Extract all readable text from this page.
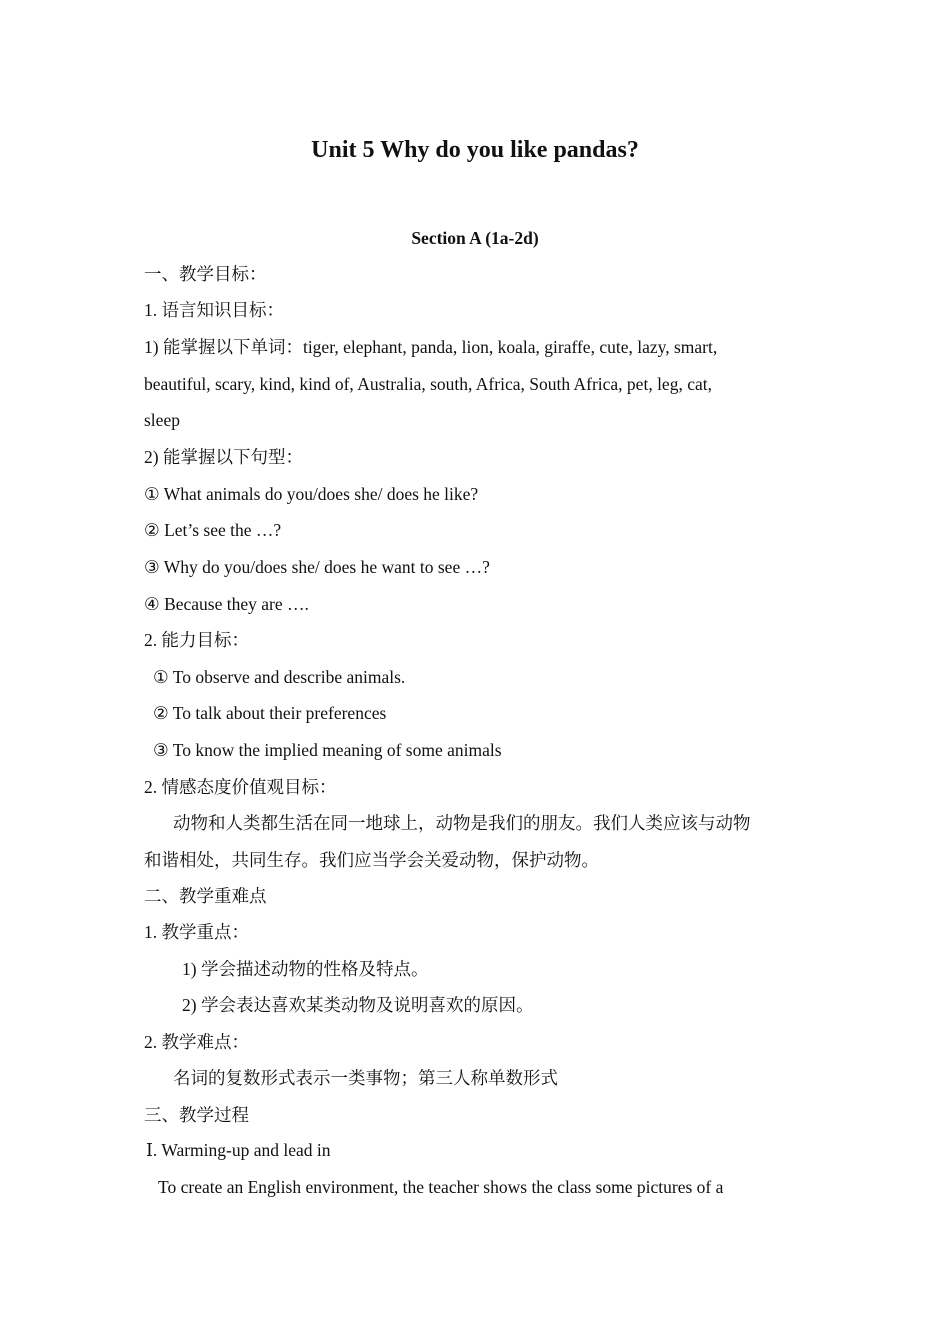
Unit 5 Why do you like pandas?
Section A (1a-2d)
一、教学目标：
1. 语言知识目标：
1) 能掌握以下单词：tiger, elephant, panda, lion, koala, giraffe, cute, lazy, smart,
beautiful, scary, kind, kind of, Australia, south, Africa, South Africa, pet, leg, cat,
sleep
2) 能掌握以下句型：
① What animals do you/does she/ does he like?
② Let’s see the …?
③ Why do you/does she/ does he want to see …?
④ Because they are ….
2. 能力目标：
① To observe and describe animals.
② To talk about their preferences
③ To know the implied meaning of some animals
2. 情感态度价值观目标：
动物和人类都生活在同一地球上，动物是我们的朋友。我们人类应该与动物
和谐相处，共同生存。我们应当学会关爱动物，保护动物。
二、教学重难点
1. 教学重点：
1) 学会描述动物的性格及特点。
2) 学会表达喜欢某类动物及说明喜欢的原因。
2. 教学难点：
名词的复数形式表示一类事物；第三人称单数形式
三、教学过程
Ⅰ. Warming-up and lead in
To create an English environment, the teacher shows the class some pictures of a
